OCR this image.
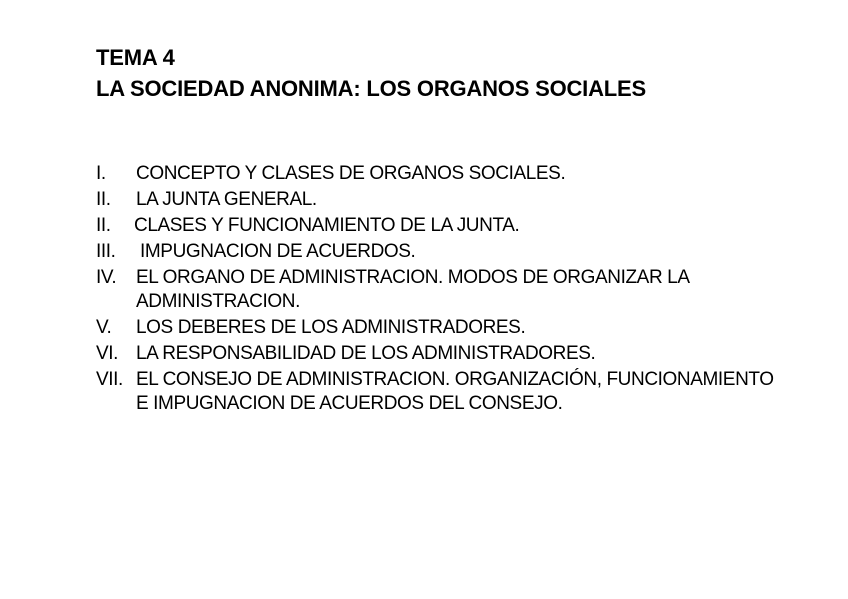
TEMA 4
LA SOCIEDAD ANONIMA: LOS ORGANOS SOCIALES
I. CONCEPTO Y CLASES DE ORGANOS SOCIALES.
II. LA JUNTA GENERAL.
II. CLASES Y FUNCIONAMIENTO DE LA JUNTA.
III. IMPUGNACION DE ACUERDOS.
IV. EL ORGANO DE ADMINISTRACION. MODOS DE ORGANIZAR LA ADMINISTRACION.
V. LOS DEBERES DE LOS ADMINISTRADORES.
VI. LA RESPONSABILIDAD DE LOS ADMINISTRADORES.
VII. EL CONSEJO DE ADMINISTRACION. ORGANIZACIÓN, FUNCIONAMIENTO E IMPUGNACION DE ACUERDOS DEL CONSEJO.
